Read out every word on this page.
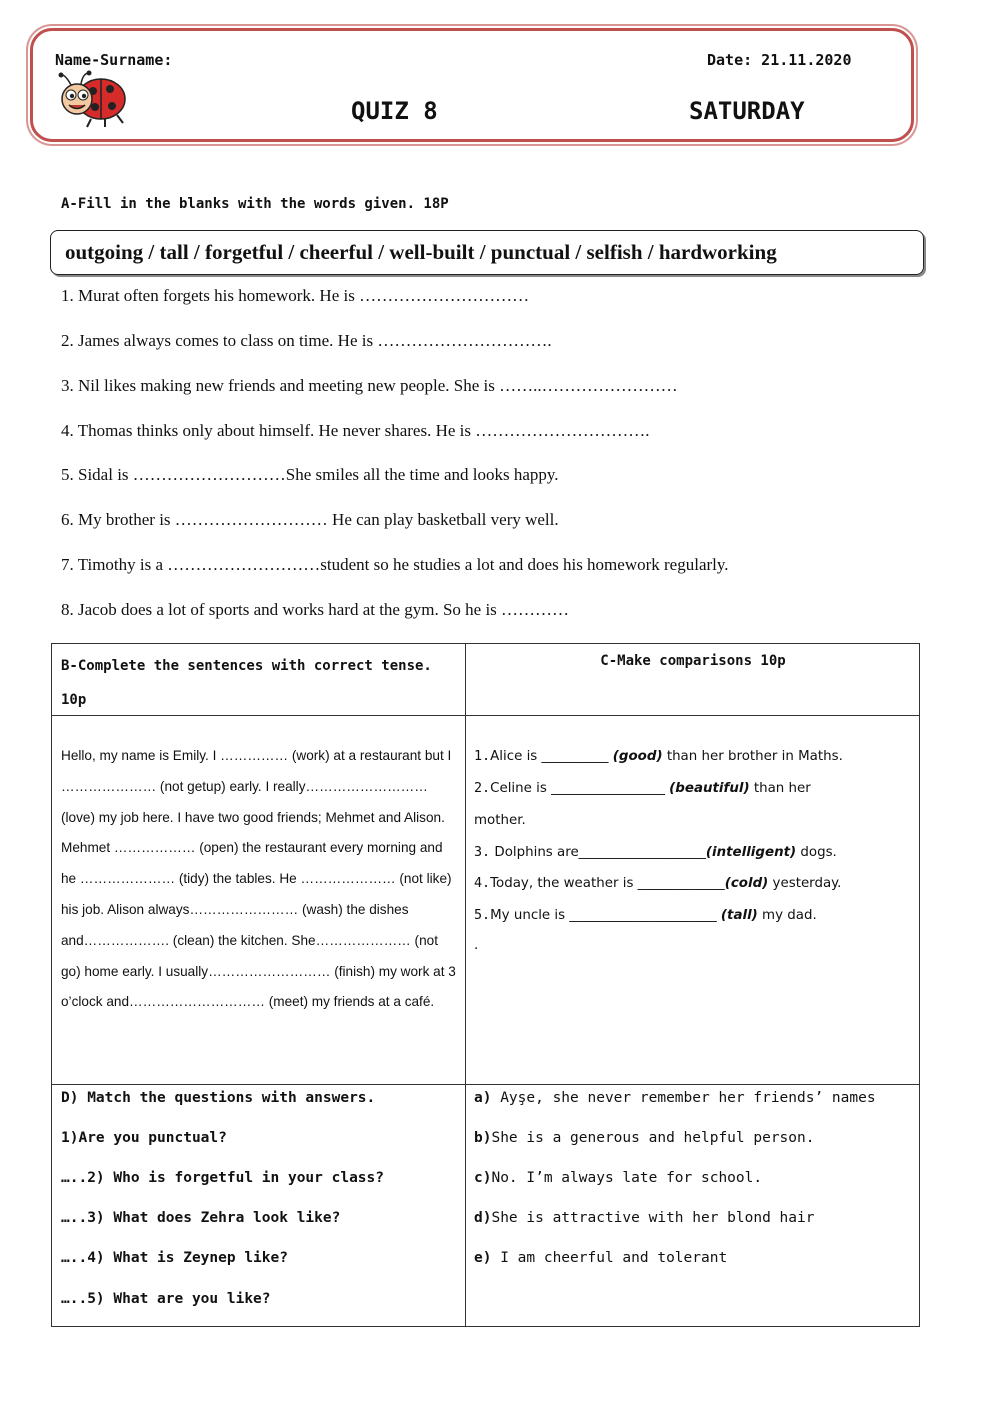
Name-Surname:	Date: 21.11.2020
QUIZ 8	SATURDAY
A-Fill in the blanks with the words given. 18P
outgoing / tall / forgetful / cheerful / well-built / punctual / selfish / hardworking
1. Murat often forgets his homework. He is …………………………
2. James always comes to class on time. He is ………………………….
3. Nil likes making new friends and meeting new people. She is ……..……………………
4. Thomas thinks only about himself. He never shares. He is ………………………….
5. Sidal is ………………………She smiles all the time and looks happy.
6. My brother is ……………………… He can play basketball very well.
7. Timothy is a ………………………student so he studies a lot and does his homework regularly.
8. Jacob does a lot of sports and works hard at the gym. So he is …………
B-Complete the sentences with correct tense. 10p
C-Make comparisons 10p
Hello, my name is Emily. I …………… (work) at a restaurant but I ………………… (not getup) early. I really……………………… (love) my job here. I have two good friends; Mehmet and Alison.
Mehmet ……………… (open) the restaurant every morning and he ………………… (tidy) the tables. He ………………… (not like) his job. Alison always…………………… (wash) the dishes and………………. (clean) the kitchen. She………………… (not go) home early. I usually……………………… (finish) my work at 3 o’clock and………………………… (meet) my friends at a café.
1.Alice is __________ (good) than her brother in Maths.
2.Celine is _________________ (beautiful) than her
mother.
3. Dolphins are___________________(intelligent) dogs.
4.Today, the weather is _____________(cold) yesterday.
5.My uncle is ______________________ (tall) my dad.
.
D) Match the questions with answers.
1)Are you punctual?
…..2) Who is forgetful in your class?
…..3) What does Zehra look like?
…..4) What is Zeynep like?
…..5) What are you like?
a) Ayşe, she never remember her friends’ names
b)She is a generous and helpful person.
c)No. I’m always late for school.
d)She is attractive with her blond hair
e) I am cheerful and tolerant
